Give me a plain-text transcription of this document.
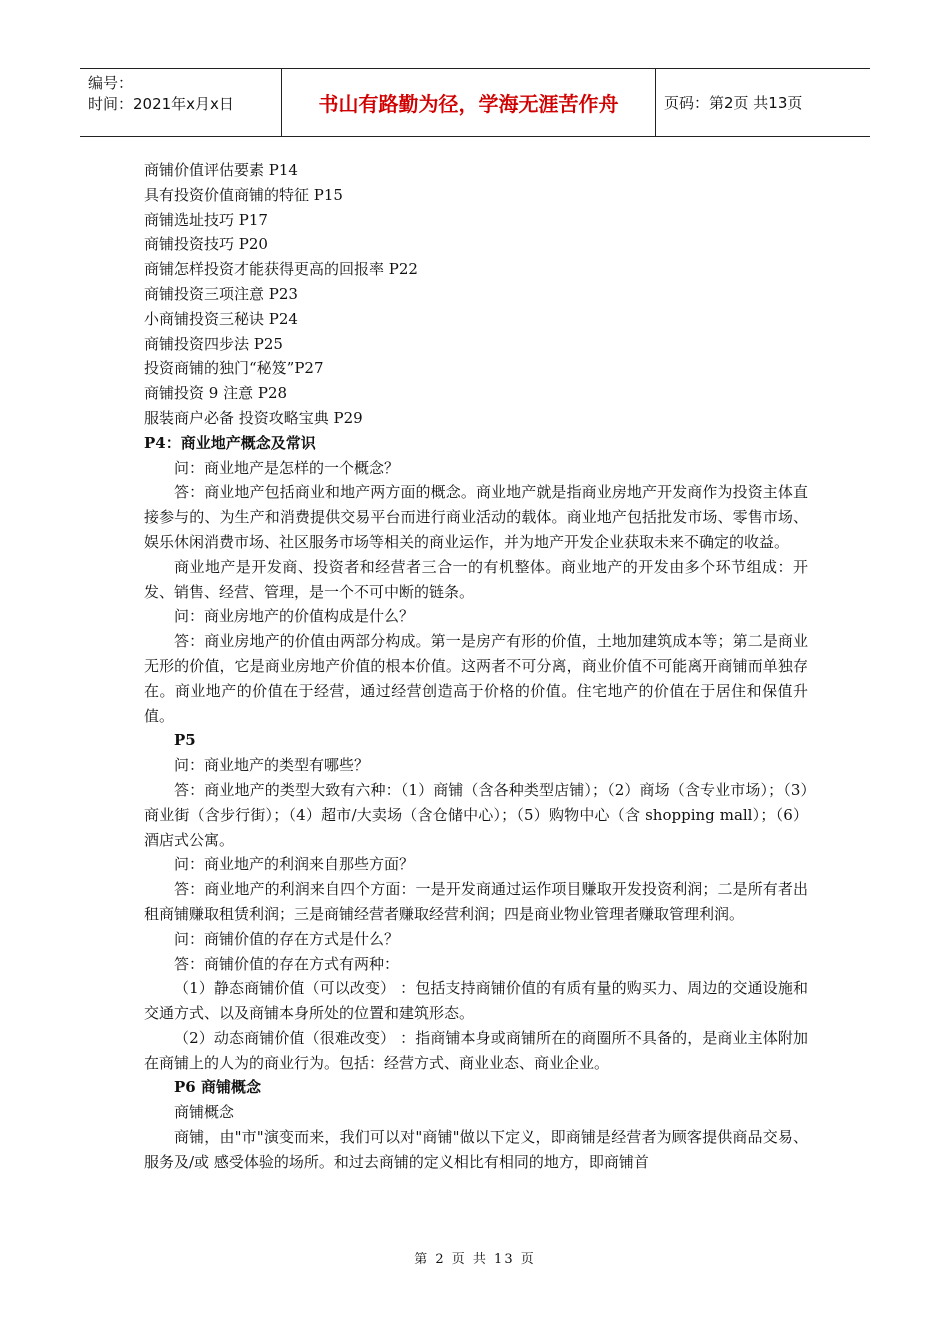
编号：
时间：2021年x月x日	书山有路勤为径，学海无涯苦作舟	页码：第2页 共13页
商铺价值评估要素 P14
具有投资价值商铺的特征 P15
商铺选址技巧 P17
商铺投资技巧 P20
商铺怎样投资才能获得更高的回报率 P22
商铺投资三项注意 P23
小商铺投资三秘诀 P24
商铺投资四步法 P25
投资商铺的独门“秘笈”P27
商铺投资 9 注意 P28
服装商户必备 投资攻略宝典 P29
P4：商业地产概念及常识

问：商业地产是怎样的一个概念？

答：商业地产包括商业和地产两方面的概念。商业地产就是指商业房地产开发商作为投资主体直接参与的、为生产和消费提供交易平台而进行商业活动的载体。商业地产包括批发市场、零售市场、娱乐休闲消费市场、社区服务市场等相关的商业运作，并为地产开发企业获取未来不确定的收益。

商业地产是开发商、投资者和经营者三合一的有机整体。商业地产的开发由多个环节组成：开发、销售、经营、管理，是一个不可中断的链条。

问：商业房地产的价值构成是什么？

答：商业房地产的价值由两部分构成。第一是房产有形的价值，土地加建筑成本等；第二是商业无形的价值，它是商业房地产价值的根本价值。这两者不可分离，商业价值不可能离开商铺而单独存在。商业地产的价值在于经营，通过经营创造高于价格的价值。住宅地产的价值在于居住和保值升值。

P5

问：商业地产的类型有哪些？

答：商业地产的类型大致有六种：（1）商铺（含各种类型店铺）；（2）商场（含专业市场）；（3）商业街（含步行街）；（4）超市/大卖场（含仓储中心）；（5）购物中心（含 shopping mall）；（6）酒店式公寓。

问：商业地产的利润来自那些方面？

答：商业地产的利润来自四个方面：一是开发商通过运作项目赚取开发投资利润；二是所有者出租商铺赚取租赁利润；三是商铺经营者赚取经营利润；四是商业物业管理者赚取管理利润。

问：商铺价值的存在方式是什么？

答：商铺价值的存在方式有两种：

（1）静态商铺价值（可以改变） ：包括支持商铺价值的有质有量的购买力、周边的交通设施和交通方式、以及商铺本身所处的位置和建筑形态。

（2）动态商铺价值（很难改变） ：指商铺本身或商铺所在的商圈所不具备的，是商业主体附加在商铺上的人为的商业行为。包括：经营方式、商业业态、商业企业。

P6 商铺概念
商铺概念

商铺，由"市"演变而来，我们可以对"商铺"做以下定义，即商铺是经营者为顾客提供商品交易、服务及/或 感受体验的场所。和过去商铺的定义相比有相同的地方，即商铺首

第 2 页 共 13 页
